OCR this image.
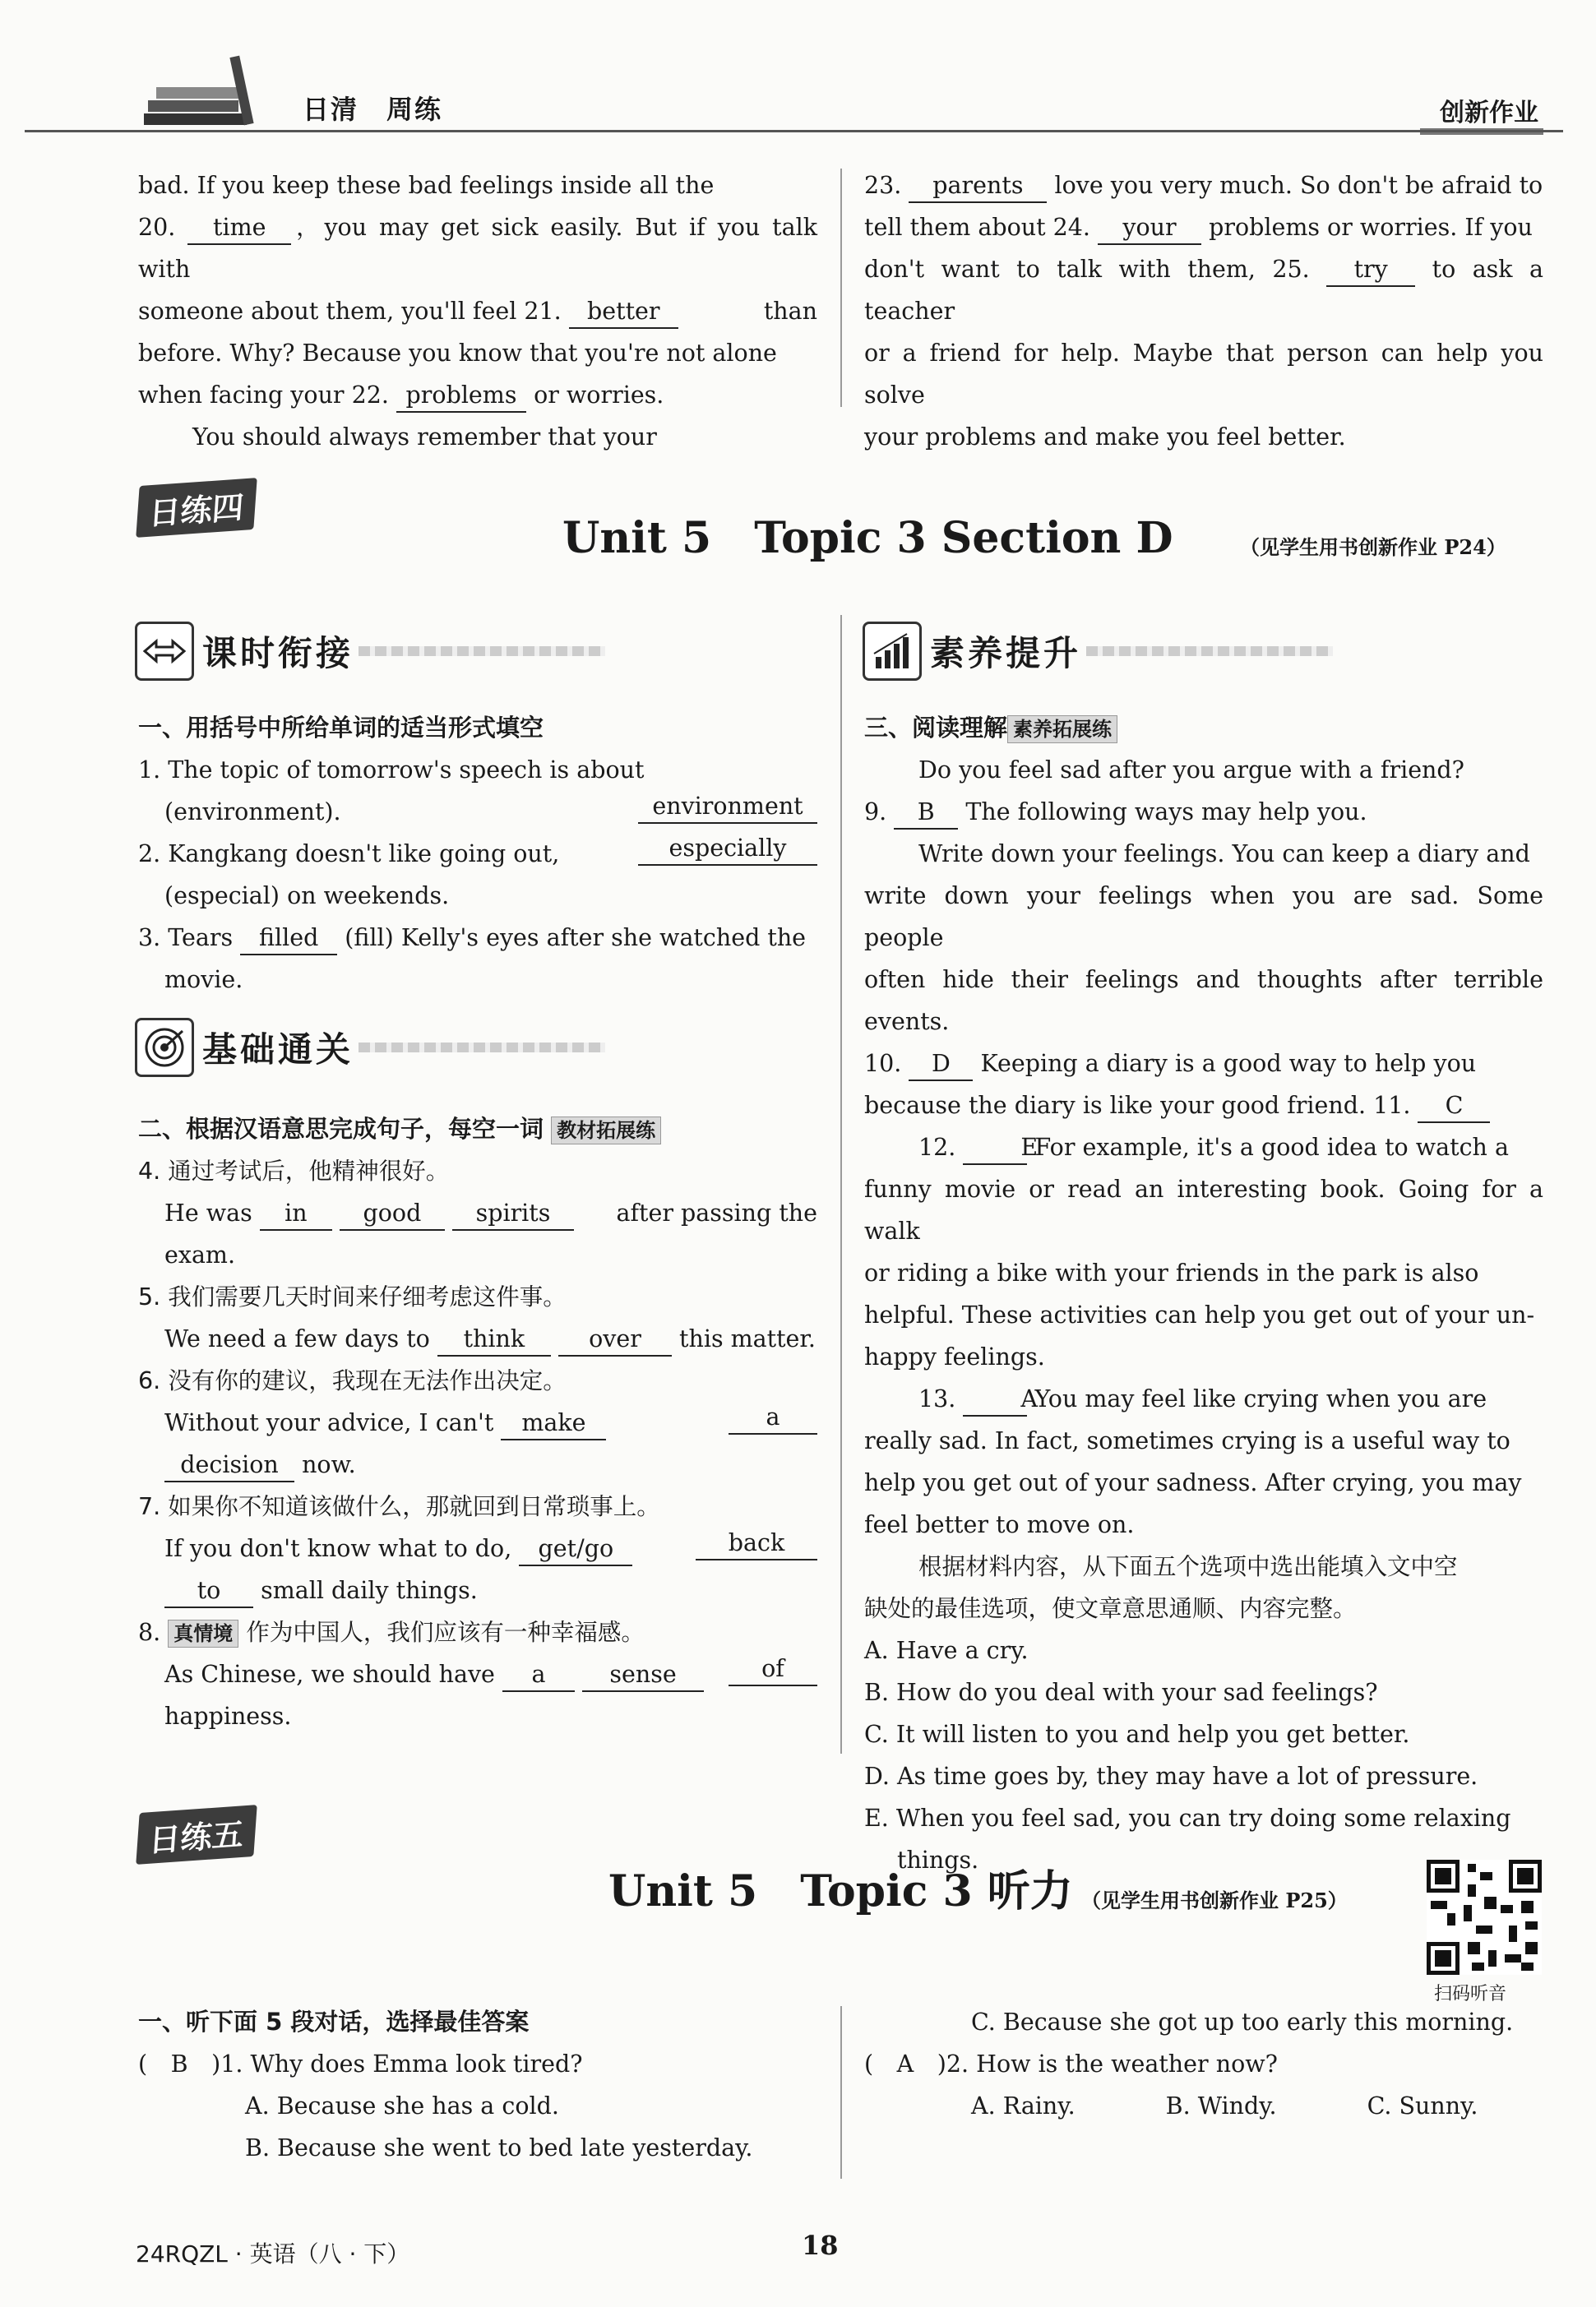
日清　周练	创新作业

bad. If you keep these bad feelings inside all the

20. time ，you may get sick easily. But if you talk with

someone about them, you'll feel 21. better	than

before. Why? Because you know that you're not alone

when facing your 22. problems or worries.

You should always remember that your

23. parents love you very much. So don't be afraid to

tell them about 24. your problems or worries. If you

don't want to talk with them, 25. try to ask a teacher

or a friend for help. Maybe that person can help you solve

your problems and make you feel better.

日练四
Unit 5　Topic 3 Section D	（见学生用书创新作业 P24）
课时衔接

一、用括号中所给单词的适当形式填空

1. The topic of tomorrow's speech is about
environment

(environment).

2. Kangkang doesn't like going out,	especially

(especial) on weekends.

3. Tears filled (fill) Kelly's eyes after she watched the

movie.

基础通关

二、根据汉语意思完成句子，每空一词 教材拓展练

4. 通过考试后，他精神很好。

He was in good spirits	after passing the

exam.

5. 我们需要几天时间来仔细考虑这件事。

We need a few days to think	over this matter.

6. 没有你的建议，我现在无法作出决定。

Without your advice, I can't make	a

decision now.

7. 如果你不知道该做什么，那就回到日常琐事上。

If you don't know what to do, get/go	back

to small daily things.

8. 真情境 作为中国人，我们应该有一种幸福感。

As Chinese, we should have a	sense	of

happiness.

素养提升

三、阅读理解 素养拓展练

Do you feel sad after you argue with a friend?

9. B The following ways may help you.

Write down your feelings. You can keep a diary and

write down your feelings when you are sad. Some people

often hide their feelings and thoughts after terrible events.

10. D Keeping a diary is a good way to help you

because the diary is like your good friend. 11. C

12.	E For example, it's a good idea to watch a

funny movie or read an interesting book. Going for a walk

or riding a bike with your friends in the park is also

helpful. These activities can help you get out of your un-

happy feelings.

13.	A You may feel like crying when you are

really sad. In fact, sometimes crying is a useful way to

help you get out of your sadness. After crying, you may

feel better to move on.

根据材料内容，从下面五个选项中选出能填入文中空

缺处的最佳选项，使文章意思通顺、内容完整。

A. Have a cry.

B. How do you deal with your sad feelings?

C. It will listen to you and help you get better.

D. As time goes by, they may have a lot of pressure.

E. When you feel sad, you can try doing some relaxing

things.

日练五
Unit 5　Topic 3 听力 （见学生用书创新作业 P25）
扫码听音

一、听下面 5 段对话，选择最佳答案

(　B　 )1. Why does Emma look tired?

A. Because she has a cold.

B. Because she went to bed late yesterday.

C. Because she got up too early this morning.

(　A　 )2. How is the weather now?

A. Rainy.	B. Windy.	C. Sunny.

24RQZL · 英语（八 · 下）	18
